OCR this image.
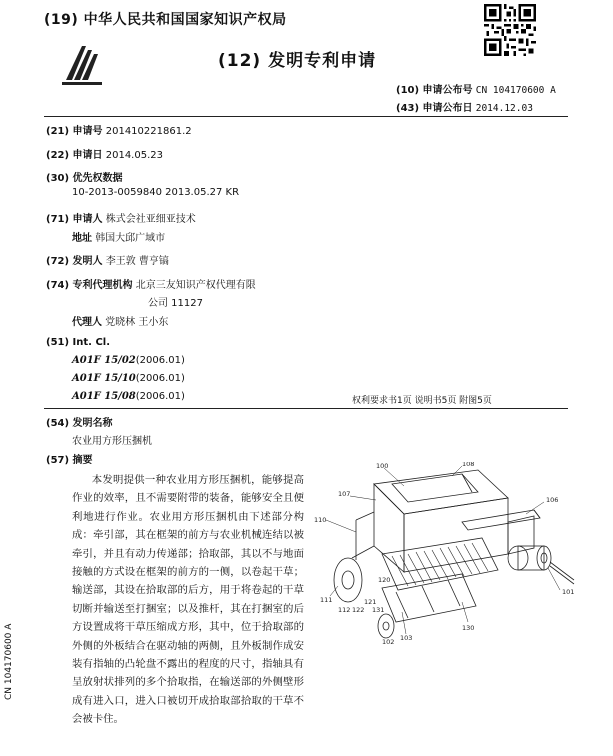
(19) 中华人民共和国国家知识产权局
(12) 发明专利申请
(10) 申请公布号 CN 104170600 A
(43) 申请公布日 2014.12.03
(21) 申请号 201410221861.2
(22) 申请日 2014.05.23
(30) 优先权数据
10-2013-0059840 2013.05.27 KR
(71) 申请人 株式会社亚细亚技术
地址 韩国大邱广域市
(72) 发明人 李王敦 曹亨镐
(74) 专利代理机构 北京三友知识产权代理有限
公司 11127
代理人 党晓林 王小东
(51) Int. Cl.
A01F 15/02(2006.01)
A01F 15/10(2006.01)
A01F 15/08(2006.01)	权利要求书1页 说明书5页 附图5页
(54) 发明名称
农业用方形压捆机
(57) 摘要

本发明提供一种农业用方形压捆机，能够提高作业的效率，且不需要附带的装备，能够安全且便利地进行作业。农业用方形压捆机由下述部分构成：牵引部，其在框架的前方与农业机械连结以被牵引，并且有动力传递部；拾取部，其以不与地面接触的方式设在框架的前方的一侧，以卷起干草；输送部，其设在拾取部的后方，用于将卷起的干草切断并输送至打捆室；以及推杆，其在打捆室的后方设置成将干草压缩成方形，其中，位于拾取部的外侧的外板结合在驱动轴的两侧，且外板制作成安装有指轴的凸轮盘不露出的程度的尺寸，指轴具有呈放射状排列的多个拾取指，在输送部的外侧壁形成有进入口，进入口被切开成拾取部拾取的干草不会被卡住。

100	108
107
106
110
101
120
111
130
131
112 122
121
103
102
CN 104170600 A
